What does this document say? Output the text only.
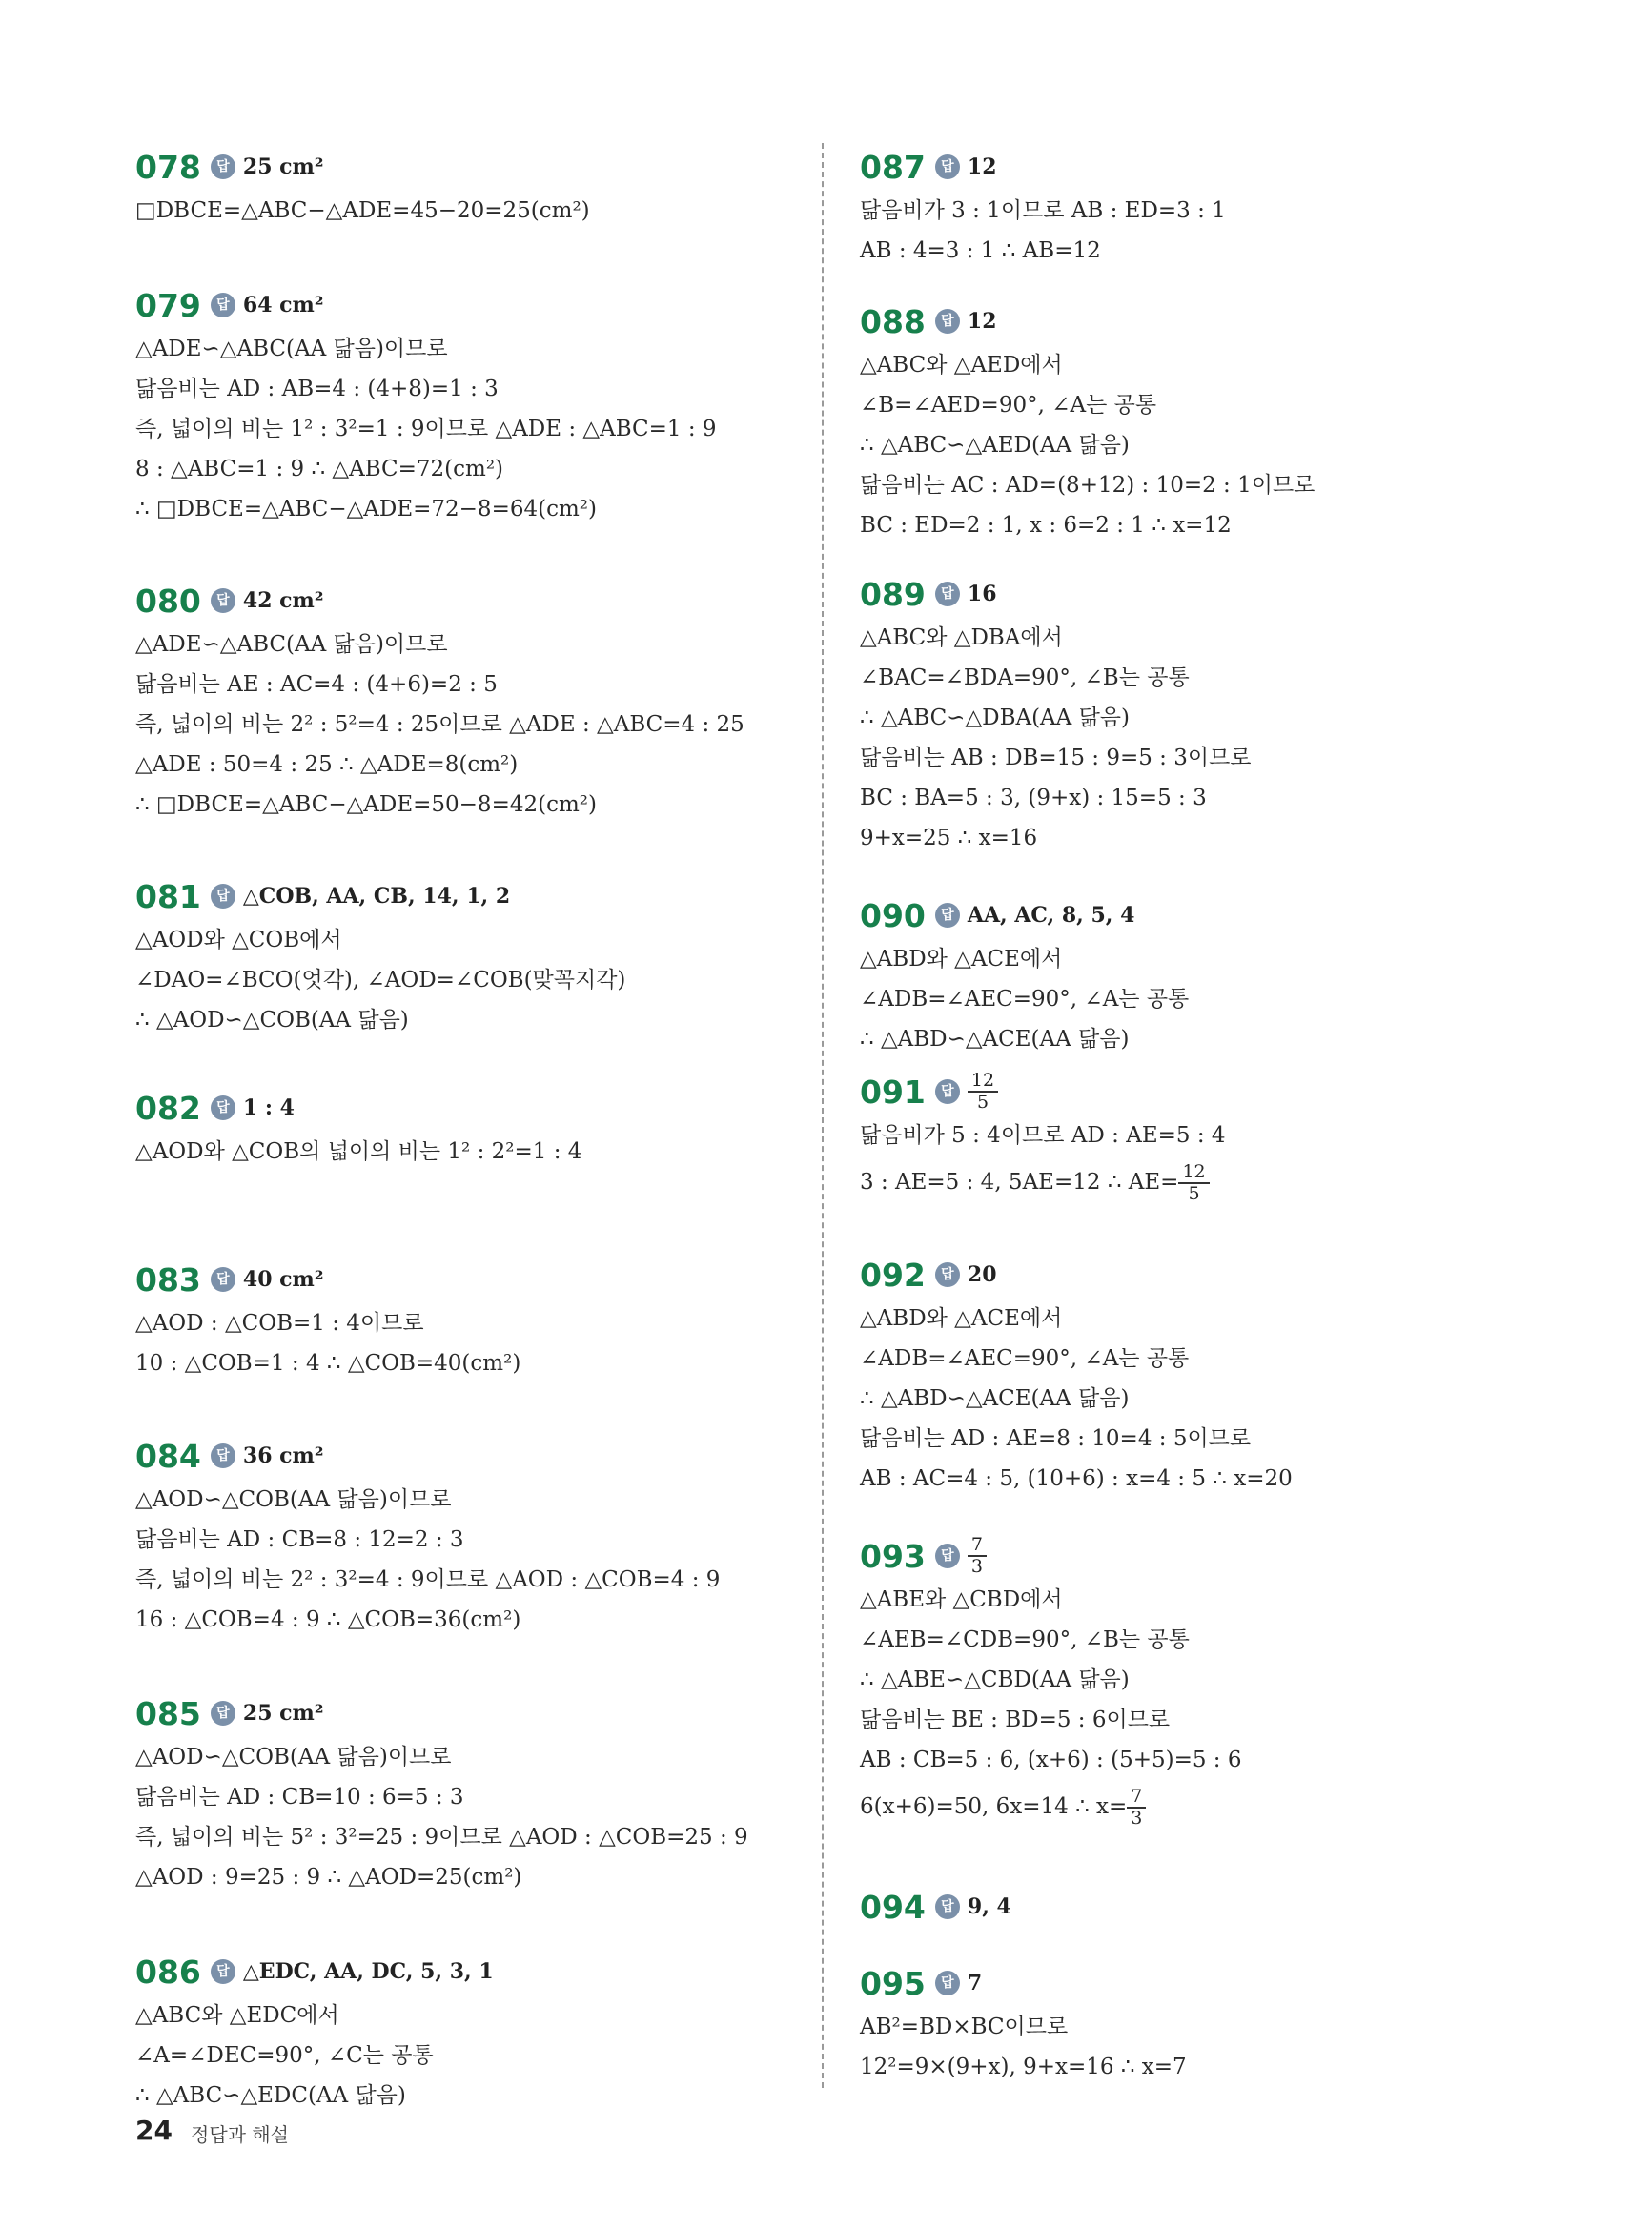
078	답 25 cm²
□DBCE=△ABC−△ADE=45−20=25(cm²)
079	답 64 cm²
△ADE∽△ABC(AA 닮음)이므로
닮음비는 AD : AB=4 : (4+8)=1 : 3
즉, 넓이의 비는 1² : 3²=1 : 9이므로 △ADE : △ABC=1 : 9
8 : △ABC=1 : 9 ∴ △ABC=72(cm²)
∴ □DBCE=△ABC−△ADE=72−8=64(cm²)
080	답 42 cm²
△ADE∽△ABC(AA 닮음)이므로
닮음비는 AE : AC=4 : (4+6)=2 : 5
즉, 넓이의 비는 2² : 5²=4 : 25이므로 △ADE : △ABC=4 : 25
△ADE : 50=4 : 25 ∴ △ADE=8(cm²)
∴ □DBCE=△ABC−△ADE=50−8=42(cm²)
081	답 △COB, AA, CB, 14, 1, 2
△AOD와 △COB에서
∠DAO=∠BCO(엇각), ∠AOD=∠COB(맞꼭지각)
∴ △AOD∽△COB(AA 닮음)
082	답 1 : 4
△AOD와 △COB의 넓이의 비는 1² : 2²=1 : 4
083	답 40 cm²
△AOD : △COB=1 : 4이므로
10 : △COB=1 : 4 ∴ △COB=40(cm²)
084	답 36 cm²
△AOD∽△COB(AA 닮음)이므로
닮음비는 AD : CB=8 : 12=2 : 3
즉, 넓이의 비는 2² : 3²=4 : 9이므로 △AOD : △COB=4 : 9
16 : △COB=4 : 9 ∴ △COB=36(cm²)
085	답 25 cm²
△AOD∽△COB(AA 닮음)이므로
닮음비는 AD : CB=10 : 6=5 : 3
즉, 넓이의 비는 5² : 3²=25 : 9이므로 △AOD : △COB=25 : 9
△AOD : 9=25 : 9 ∴ △AOD=25(cm²)
086	답 △EDC, AA, DC, 5, 3, 1
△ABC와 △EDC에서
∠A=∠DEC=90°, ∠C는 공통
∴ △ABC∽△EDC(AA 닮음)
087	답 12
닮음비가 3 : 1이므로 AB : ED=3 : 1
AB : 4=3 : 1 ∴ AB=12
088	답 12
△ABC와 △AED에서
∠B=∠AED=90°, ∠A는 공통
∴ △ABC∽△AED(AA 닮음)
닮음비는 AC : AD=(8+12) : 10=2 : 1이므로
BC : ED=2 : 1, x : 6=2 : 1 ∴ x=12
089	답 16
△ABC와 △DBA에서
∠BAC=∠BDA=90°, ∠B는 공통
∴ △ABC∽△DBA(AA 닮음)
닮음비는 AB : DB=15 : 9=5 : 3이므로
BC : BA=5 : 3, (9+x) : 15=5 : 3
9+x=25 ∴ x=16
090	답 AA, AC, 8, 5, 4
△ABD와 △ACE에서
∠ADB=∠AEC=90°, ∠A는 공통
∴ △ABD∽△ACE(AA 닮음)
091	답 $\frac{12}{5}$
닮음비가 5 : 4이므로 AD : AE=5 : 4
3 : AE=5 : 4, 5AE=12 ∴ $AE= \frac{12}{5}$
092	답 20
△ABD와 △ACE에서
∠ADB=∠AEC=90°, ∠A는 공통
∴ △ABD∽△ACE(AA 닮음)
닮음비는 AD : AE=8 : 10=4 : 5이므로
AB : AC=4 : 5, (10+6) : x=4 : 5 ∴ x=20
093	답 $\frac{7}{3}$
△ABE와 △CBD에서
∠AEB=∠CDB=90°, ∠B는 공통
∴ △ABE∽△CBD(AA 닮음)
닮음비는 BE : BD=5 : 6이므로
AB : CB=5 : 6, (x+6) : (5+5)=5 : 6
6(x+6)=50, 6x=14 ∴ $x= \frac{7}{3}$
094	답 9, 4
095	답 7
AB²=BD×BC이므로
12²=9×(9+x), 9+x=16 ∴ x=7
24 정답과 해설
